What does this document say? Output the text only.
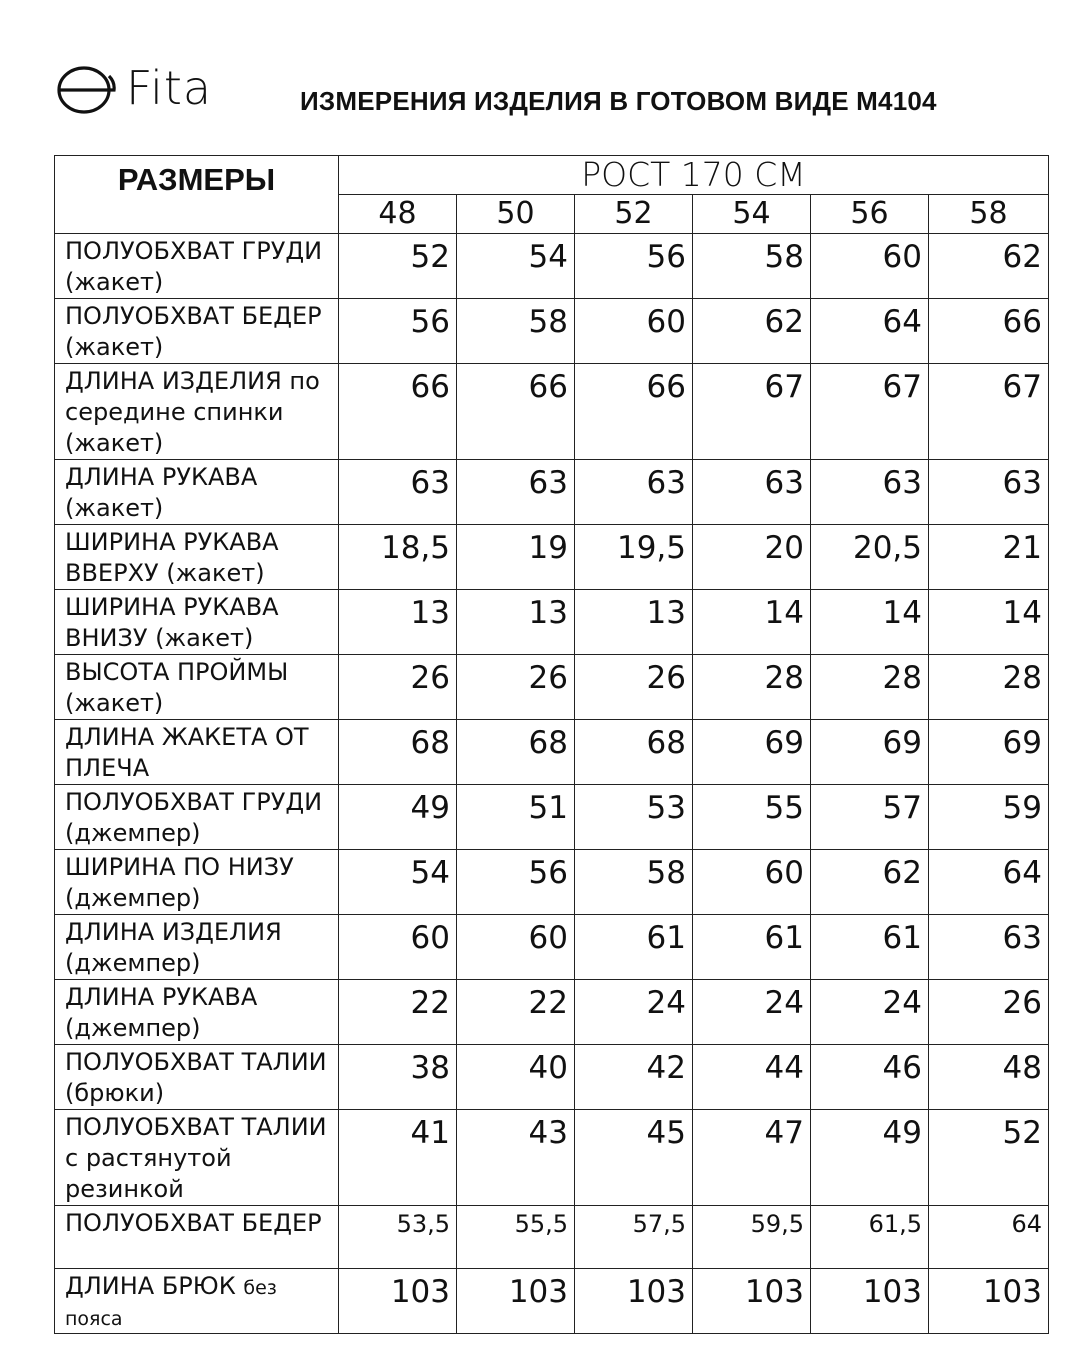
Fita	ИЗМЕРЕНИЯ ИЗДЕЛИЯ В ГОТОВОМ ВИДЕ М4104
РАЗМЕРЫ	РОСТ 170 СМ					
	48	50	52	54	56	58
ПОЛУОБХВАТ ГРУДИ (жакет)	52	54	56	58	60	62
ПОЛУОБХВАТ БЕДЕР (жакет)	56	58	60	62	64	66
ДЛИНА ИЗДЕЛИЯ по середине спинки (жакет)	66	66	66	67	67	67
ДЛИНА РУКАВА (жакет)	63	63	63	63	63	63
ШИРИНА РУКАВА ВВЕРХУ (жакет)	18,5	19	19,5	20	20,5	21
ШИРИНА РУКАВА ВНИЗУ (жакет)	13	13	13	14	14	14
ВЫСОТА ПРОЙМЫ (жакет)	26	26	26	28	28	28
ДЛИНА ЖАКЕТА ОТ ПЛЕЧА	68	68	68	69	69	69
ПОЛУОБХВАТ ГРУДИ (джемпер)	49	51	53	55	57	59
ШИРИНА ПО НИЗУ (джемпер)	54	56	58	60	62	64
ДЛИНА ИЗДЕЛИЯ (джемпер)	60	60	61	61	61	63
ДЛИНА РУКАВА (джемпер)	22	22	24	24	24	26
ПОЛУОБХВАТ ТАЛИИ (брюки)	38	40	42	44	46	48
ПОЛУОБХВАТ ТАЛИИ с растянутой резинкой	41	43	45	47	49	52
ПОЛУОБХВАТ БЕДЕР	53,5	55,5	57,5	59,5	61,5	64
ДЛИНА БРЮК без пояса	103	103	103	103	103	103
